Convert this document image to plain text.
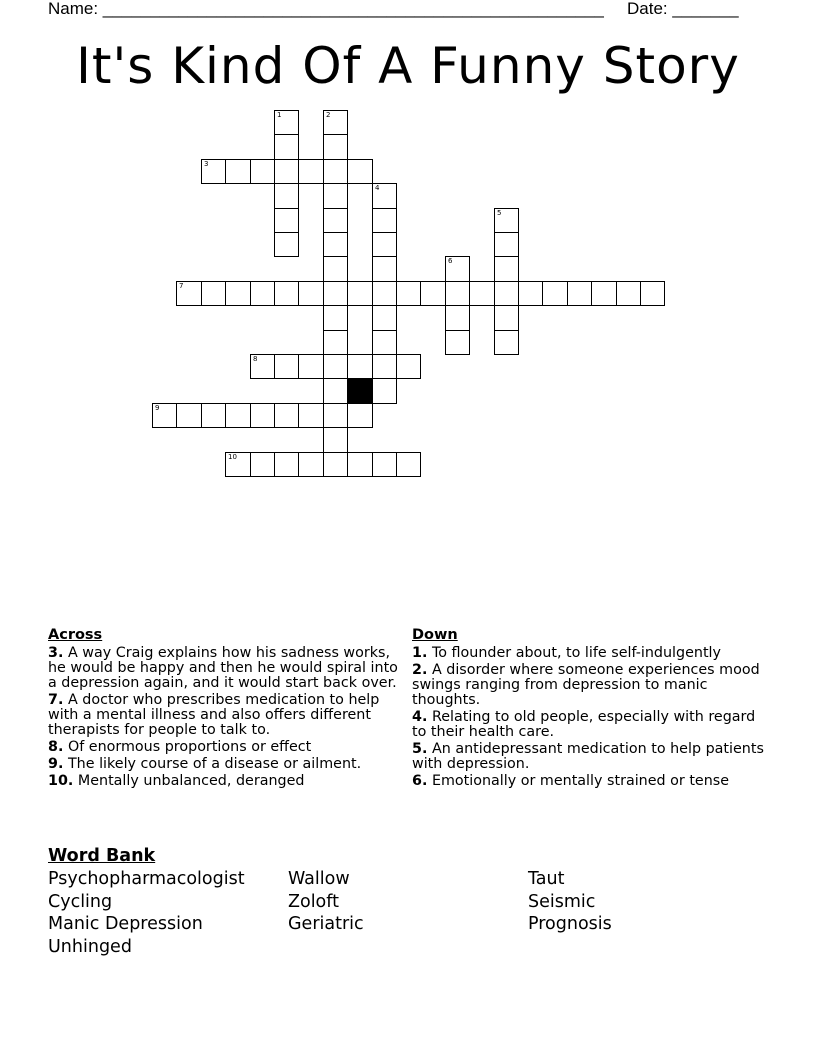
Name: _____________________________________________________ Date: _______
It's Kind Of A Funny Story
1	2
3
4
5
6
7
8
9
10
Across
3. A way Craig explains how his sadness works, he would be happy and then he would spiral into a depression again, and it would start back over.
7. A doctor who prescribes medication to help with a mental illness and also offers different therapists for people to talk to.
8. Of enormous proportions or effect
9. The likely course of a disease or ailment.
10. Mentally unbalanced, deranged
Down
1. To flounder about, to life self-indulgently
2. A disorder where someone experiences mood swings ranging from depression to manic thoughts.
4. Relating to old people, especially with regard to their health care.
5. An antidepressant medication to help patients with depression.
6. Emotionally or mentally strained or tense
Word Bank
Psychopharmacologist	Wallow	Taut
Cycling	Zoloft	Seismic
Manic Depression	Geriatric	Prognosis
Unhinged
